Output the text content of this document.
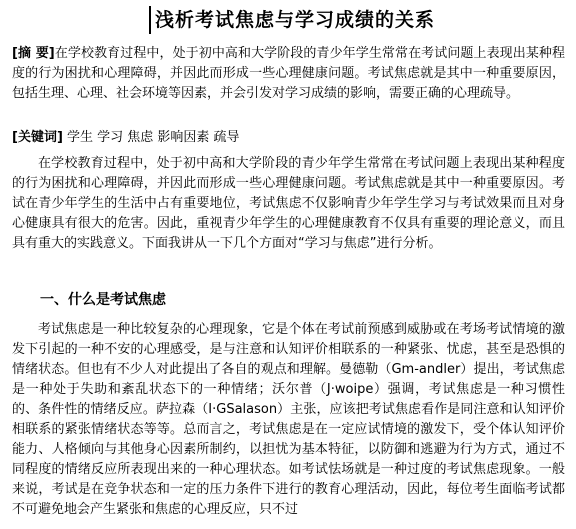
浅析考试焦虑与学习成绩的关系
[摘 要]在学校教育过程中，处于初中高和大学阶段的青少年学生常常在考试问题上表现出某种程度的行为困扰和心理障碍，并因此而形成一些心理健康问题。考试焦虑就是其中一种重要原因，包括生理、心理、社会环境等因素，并会引发对学习成绩的影响，需要正确的心理疏导。
[关键词] 学生 学习 焦虑 影响因素 疏导
在学校教育过程中，处于初中高和大学阶段的青少年学生常常在考试问题上表现出某种程度的行为困扰和心理障碍，并因此而形成一些心理健康问题。考试焦虑就是其中一种重要原因。考试在青少年学生的生活中占有重要地位，考试焦虑不仅影响青少年学生学习与考试效果而且对身心健康具有很大的危害。因此，重视青少年学生的心理健康教育不仅具有重要的理论意义，而且具有重大的实践意义。下面我讲从一下几个方面对“学习与焦虑”进行分析。
一、什么是考试焦虑
考试焦虑是一种比较复杂的心理现象，它是个体在考试前预感到威胁或在考场考试情境的激发下引起的一种不安的心理感受，是与注意和认知评价相联系的一种紧张、忧虑，甚至是恐惧的情绪状态。但也有不少人对此提出了各自的观点和理解。曼德勒（Gm-andler）提出，考试焦虑是一种处于失助和紊乱状态下的一种情绪；沃尔普（J·woipe）强调，考试焦虑是一种习惯性的、条件性的情绪反应。萨拉森（I·GSalason）主张，应该把考试焦虑看作是同注意和认知评价相联系的紧张情绪状态等等。总而言之，考试焦虑是在一定应试情境的激发下，受个体认知评价能力、人格倾向与其他身心因素所制约，以担忧为基本特征，以防御和逃避为行为方式，通过不同程度的情绪反应所表现出来的一种心理状态。如考试怯场就是一种过度的考试焦虑现象。一般来说，考试是在竞争状态和一定的压力条件下进行的教育心理活动，因此，每位考生面临考试都不可避免地会产生紧张和焦虑的心理反应，只不过
